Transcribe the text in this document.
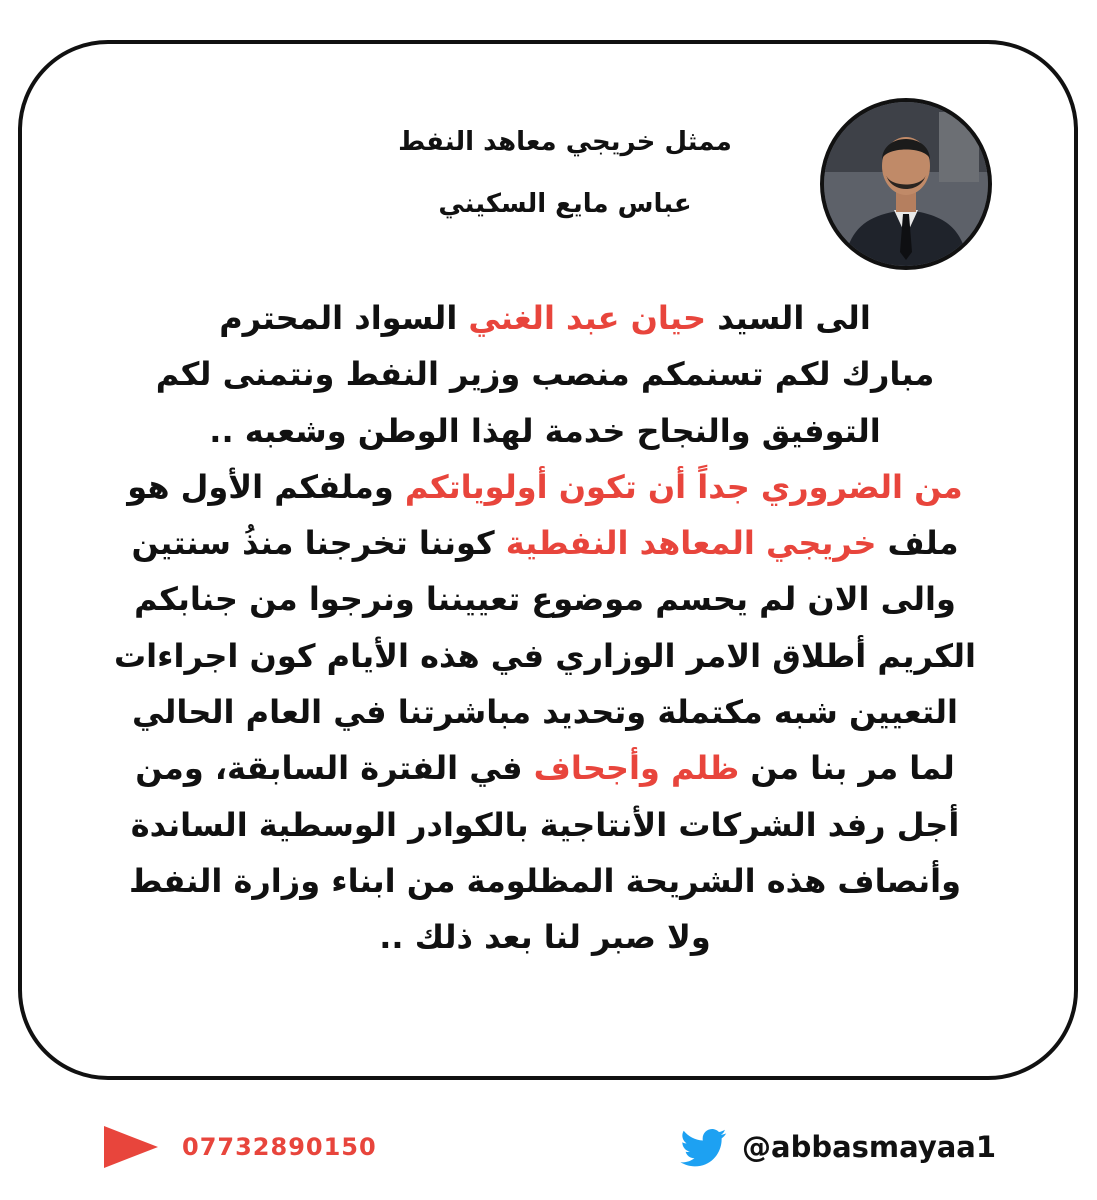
ممثل خريجي معاهد النفط

عباس مايع السكيني

الى السيد حيان عبد الغني السواد المحترم

مبارك لكم تسنمكم منصب وزير النفط ونتمنى لكم

التوفيق والنجاح خدمة لهذا الوطن وشعبه ..

من الضروري جداً أن تكون أولوياتكم وملفكم الأول هو

ملف خريجي المعاهد النفطية كوننا تخرجنا منذُ سنتين

والى الان لم يحسم موضوع تعييننا ونرجوا من جنابكم

الكريم أطلاق الامر الوزاري في هذه الأيام كون اجراءات

التعيين شبه مكتملة وتحديد مباشرتنا في العام الحالي

لما مر بنا من ظلم وأجحاف في الفترة السابقة، ومن

أجل رفد الشركات الأنتاجية بالكوادر الوسطية الساندة

وأنصاف هذه الشريحة المظلومة من ابناء وزارة النفط

ولا صبر لنا بعد ذلك ..

07732890150	@abbasmayaa1
